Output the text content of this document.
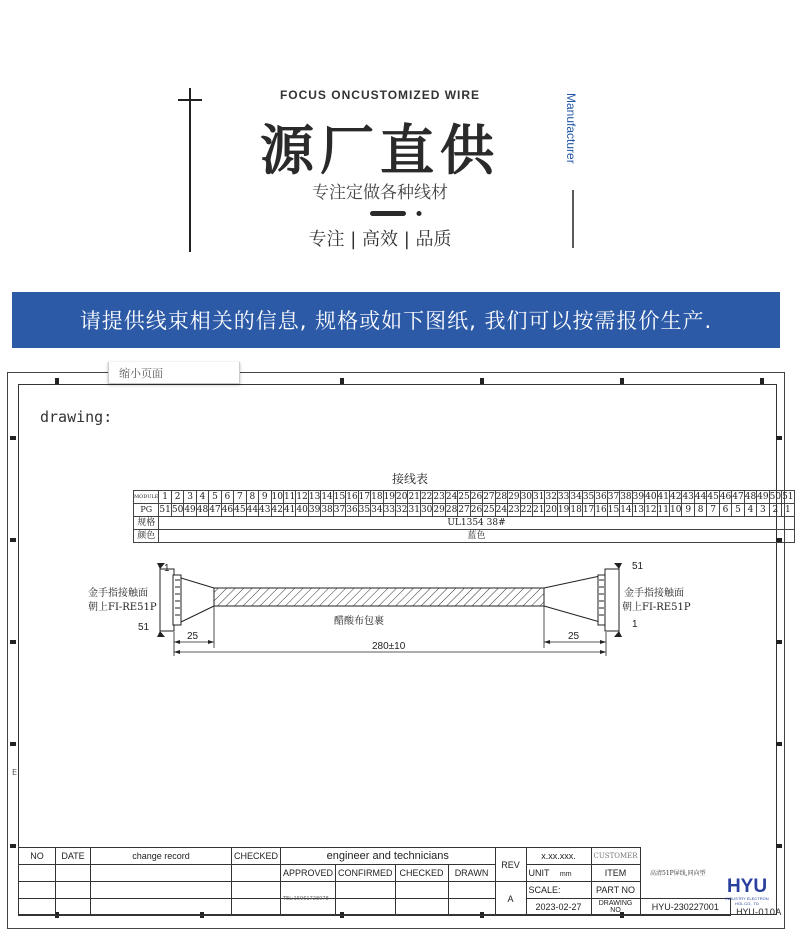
FOCUS ONCUSTOMIZED WIRE
源厂直供
专注定做各种线材
专注 | 高效 | 品质
Manufacturer
请提供线束相关的信息, 规格或如下图纸, 我们可以按需报价生产.
缩小页面
drawing:
E
接线表
MODULE	1	2	3	4	5	6	7	8	9	10	11	12	13	14	15	16	17	18	19	20	21	22	23	24	25	26	27	28	29	30	31	32	33	34	35	36	37	38	39	40	41	42	43	44	45	46	47	48	49	50	51
PG	51	50	49	48	47	46	45	44	43	42	41	40	39	38	37	36	35	34	33	32	31	30	29	28	27	26	25	24	23	22	21	20	19	18	17	16	15	14	13	12	11	10	9	8	7	6	5	4	3	2	1
规格	UL1354 38#																																																		
颜色	蓝色																																																		
金手指接触面
朝上FI-RE51P
金手指接触面
朝上FI-RE51P
1
51
51
1
醋酸布包裹
25	25
280±10
NO	DATE	change record	CHECKED	engineer and technicians				REV	x.xx.xxx.	CUSTOMER		
				APPROVED	CONFIRMED	CHECKED	DRAWN		UNIT mm	ITEM		
								A	SCALE:	PART NO		
									2023-02-27	DRAWING NO	HYU-230227001	
高清51P屏线,同向型
TEL:15961728078
HYU
INDUSTRY ELECTRON HOL CO., TD
HYU-010A
